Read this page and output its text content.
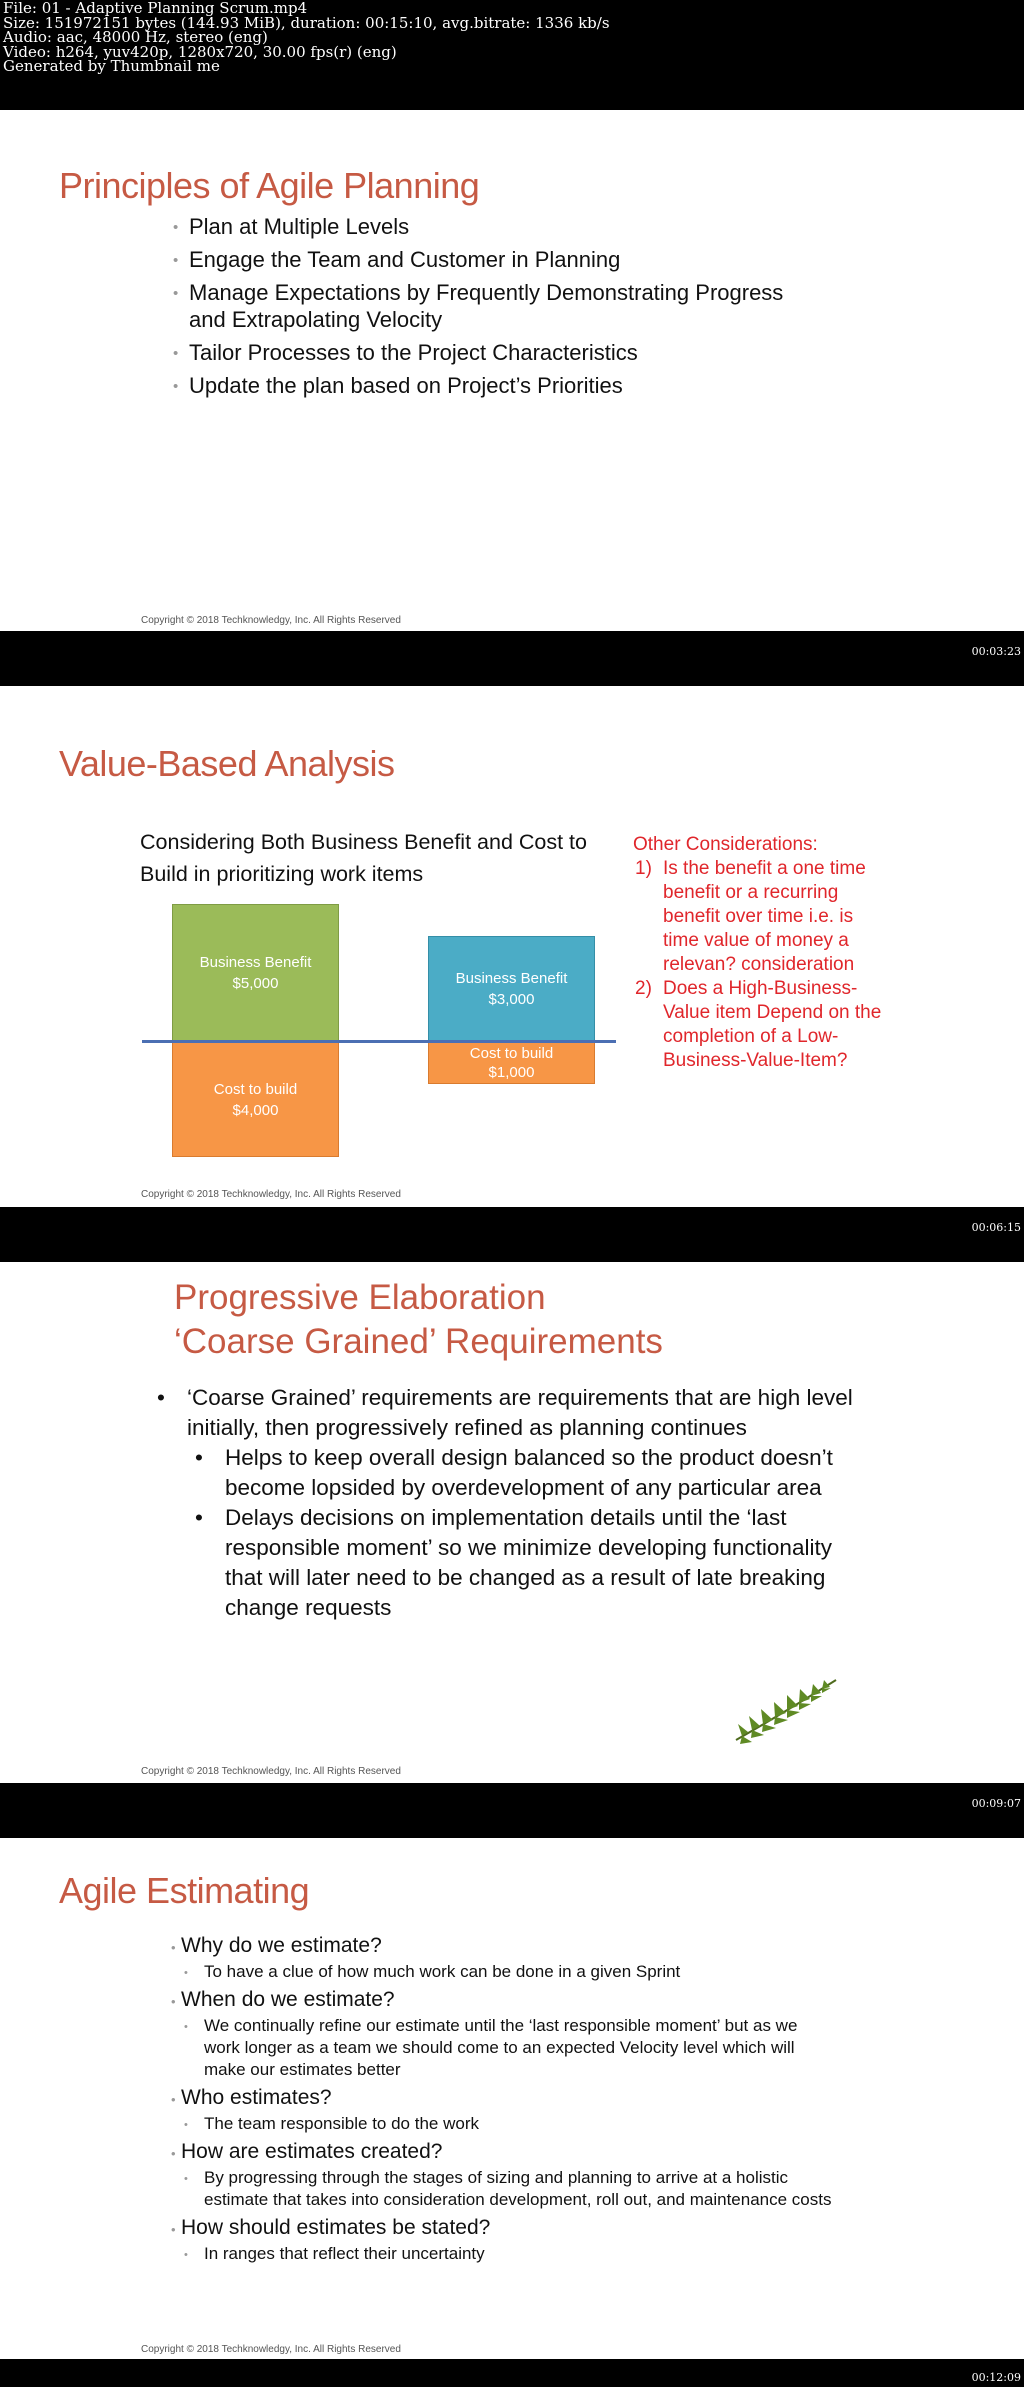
File: 01 - Adaptive Planning Scrum.mp4
Size: 151972151 bytes (144.93 MiB), duration: 00:15:10, avg.bitrate: 1336 kb/s
Audio: aac, 48000 Hz, stereo (eng)
Video: h264, yuv420p, 1280x720, 30.00 fps(r) (eng)
Generated by Thumbnail me
Principles of Agile Planning
• Plan at Multiple Levels
• Engage the Team and Customer in Planning
• Manage Expectations by Frequently Demonstrating Progress and Extrapolating Velocity
• Tailor Processes to the Project Characteristics
• Update the plan based on Project’s Priorities
Copyright © 2018 Techknowledgy, Inc. All Rights Reserved
00:03:23
Value-Based Analysis
Considering Both Business Benefit and Cost to Build in prioritizing work items
Business Benefit
$5,000
Cost to build
$4,000
Business Benefit
$3,000
Cost to build
$1,000
Other Considerations:
1) Is the benefit a one time benefit or a recurring benefit over time i.e. is time value of money a relevan? consideration
2) Does a High-Business-Value item Depend on the completion of a Low-Business-Value-Item?
Copyright © 2018 Techknowledgy, Inc. All Rights Reserved
00:06:15
Progressive Elaboration
‘Coarse Grained’ Requirements
• ‘Coarse Grained’ requirements are requirements that are high level initially, then progressively refined as planning continues
• Helps to keep overall design balanced so the product doesn’t become lopsided by overdevelopment of any particular area
• Delays decisions on implementation details until the ‘last responsible moment’ so we minimize developing functionality that will later need to be changed as a result of late breaking change requests
Copyright © 2018 Techknowledgy, Inc. All Rights Reserved
00:09:07
Agile Estimating
• Why do we estimate?
• To have a clue of how much work can be done in a given Sprint
• When do we estimate?
• We continually refine our estimate until the ‘last responsible moment’ but as we work longer as a team we should come to an expected Velocity level which will make our estimates better
• Who estimates?
• The team responsible to do the work
• How are estimates created?
• By progressing through the stages of sizing and planning to arrive at a holistic estimate that takes into consideration development, roll out, and maintenance costs
• How should estimates be stated?
• In ranges that reflect their uncertainty
Copyright © 2018 Techknowledgy, Inc. All Rights Reserved
00:12:09
